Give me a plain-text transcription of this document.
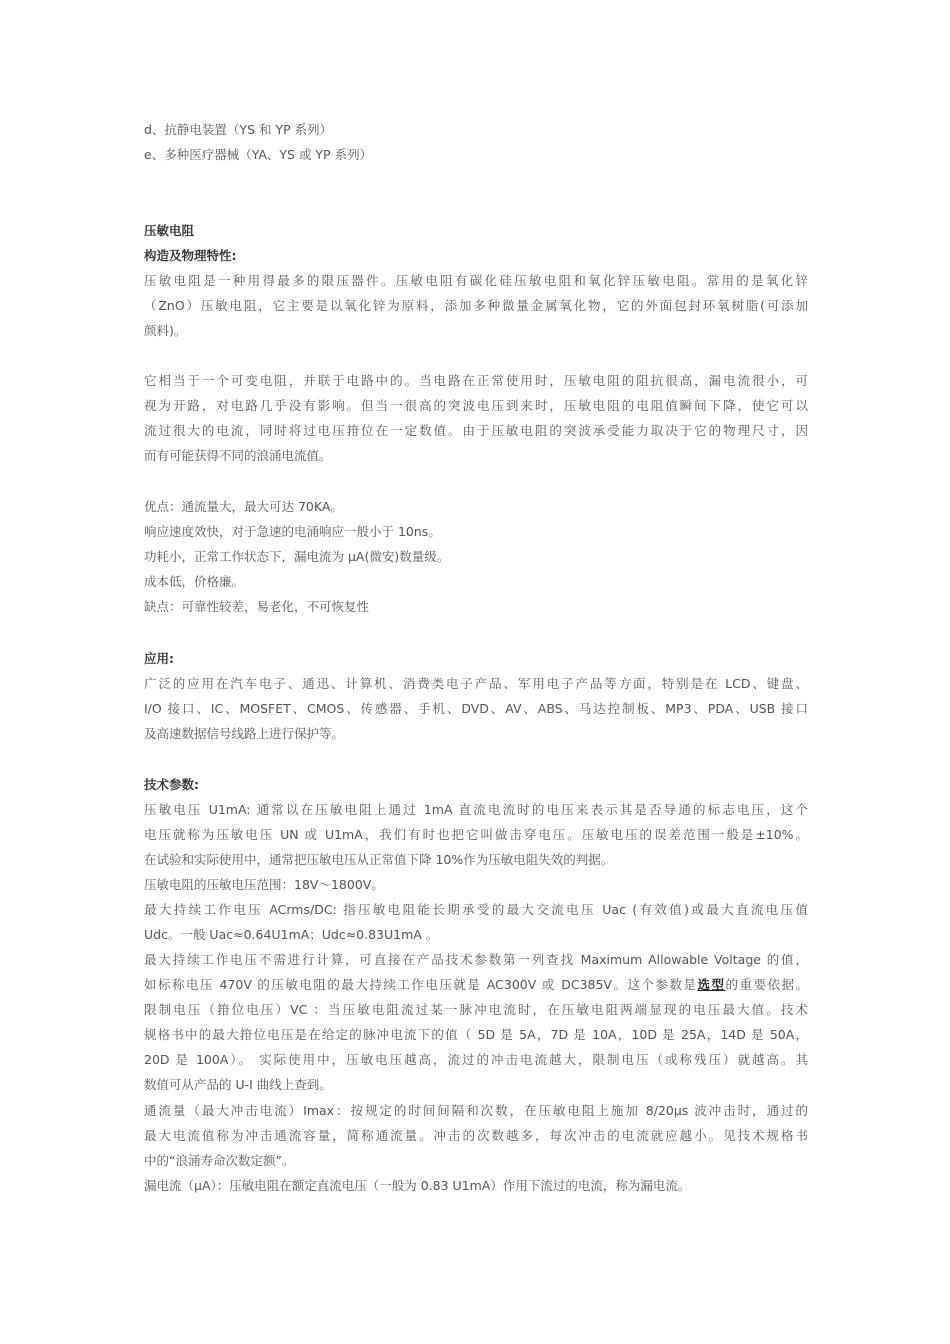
d、抗静电装置（YS 和 YP 系列）
e、多种医疗器械（YA、YS 或 YP 系列）
压敏电阻
构造及物理特性:
压敏电阻是一种用得最多的限压器件。压敏电阻有碳化硅压敏电阻和氧化锌压敏电阻。常用的是氧化锌
（ZnO）压敏电阻，它主要是以氧化锌为原料，添加多种微量金属氧化物，它的外面包封环氧树脂(可添加
颜料)。
它相当于一个可变电阻，并联于电路中的。当电路在正常使用时，压敏电阻的阻抗很高，漏电流很小，可
视为开路，对电路几乎没有影响。但当一很高的突波电压到来时，压敏电阻的电阻值瞬间下降，使它可以
流过很大的电流，同时将过电压箝位在一定数值。由于压敏电阻的突波承受能力取决于它的物理尺寸，因
而有可能获得不同的浪涌电流值。
优点：通流量大，最大可达 70KA。
响应速度效快，对于急速的电涌响应一般小于 10ns。
功耗小，正常工作状态下，漏电流为 μA(微安)数量级。
成本低，价格廉。
缺点：可靠性较差，易老化，不可恢复性
应用:
广泛的应用在汽车电子、通迅、计算机、消费类电子产品、军用电子产品等方面，特别是在 LCD、键盘、
I/O 接口、IC、MOSFET、CMOS、传感器、手机、DVD、AV、ABS、马达控制板、MP3、PDA、USB 接口
及高速数据信号线路上进行保护等。
技术参数:
压敏电压 U1mA: 通常以在压敏电阻上通过 1mA 直流电流时的电压来表示其是否导通的标志电压，这个
电压就称为压敏电压 UN 或 U1mA，我们有时也把它叫做击穿电压。压敏电压的误差范围一般是±10%。
在试验和实际使用中，通常把压敏电压从正常值下降 10%作为压敏电阻失效的判据。
压敏电阻的压敏电压范围：18V～1800V。
最大持续工作电压 ACrms/DC: 指压敏电阻能长期承受的最大交流电压 Uac (有效值)或最大直流电压值
Udc。一般 Uac≈0.64U1mA；Udc≈0.83U1mA 。
最大持续工作电压不需进行计算，可直接在产品技术参数第一列查找 Maximum Allowable Voltage 的值，
如标称电压 470V 的压敏电阻的最大持续工作电压就是 AC300V 或 DC385V。这个参数是选型的重要依据。
限制电压（箝位电压）VC ：当压敏电阻流过某一脉冲电流时，在压敏电阻两端显现的电压最大值。技术
规格书中的最大箝位电压是在给定的脉冲电流下的值（ 5D 是 5A，7D 是 10A，10D 是 25A，14D 是 50A，
20D 是 100A）。 实际使用中，压敏电压越高，流过的冲击电流越大，限制电压（或称残压）就越高。其
数值可从产品的 U-I 曲线上查到。
通流量（最大冲击电流）Imax：按规定的时间间隔和次数，在压敏电阻上施加 8/20μs 波冲击时，通过的
最大电流值称为冲击通流容量，简称通流量。冲击的次数越多，每次冲击的电流就应越小。见技术规格书
中的“浪涌寿命次数定额”。
漏电流（μA）：压敏电阻在额定直流电压（一般为 0.83 U1mA）作用下流过的电流，称为漏电流。
